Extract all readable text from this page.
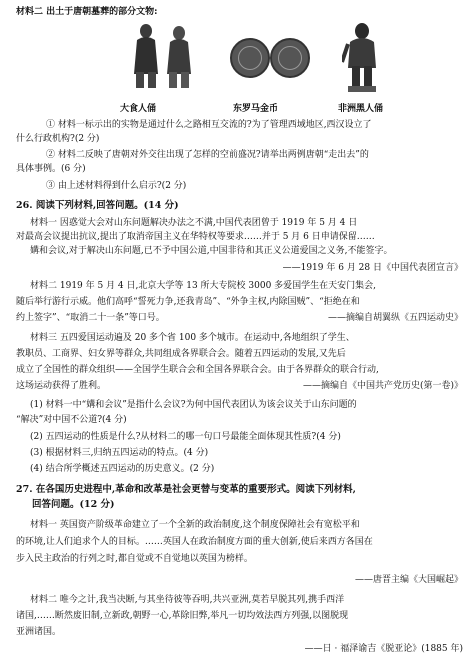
材料二 出土于唐朝墓葬的部分文物:
大食人俑	东罗马金币	非洲黑人俑
① 材料一标示出的实物是通过什么之路相互交流的?为了管理西域地区,西汉设立了
什么行政机构?(2 分)
② 材料二反映了唐朝对外交往出现了怎样的空前盛况?请举出两例唐朝“走出去”的
具体事例。(6 分)
③ 由上述材料得到什么启示?(2 分)
26. 阅读下列材料,回答问题。(14 分)
材料一 因惑觉大会对山东问题解决办法之不满,中国代表团曾于 1919 年 5 月 4 日
对最高会议提出抗议,提出了取消帝国主义在华特权等要求……并于 5 月 6 日申请保留……
媾和会议,对于解决山东问题,已不予中国公道,中国非待和其正义公道爱国之义务,不能签字。
——1919 年 6 月 28 日《中国代表团宣言》
材料二 1919 年 5 月 4 日,北京大学等 13 所大专院校 3000 多爱国学生在天安门集会,
随后举行游行示威。他们高呼“誓死力争,还我青岛”、“外争主权,内除国贼”、“拒绝在和
约上签字”、“取消二十一条”等口号。	——摘编自胡翼纵《五四运动史》
材料三 五四爱国运动遍及 20 多个省 100 多个城市。在运动中,各地组织了学生、
教职员、工商界、妇女界等群众,共同组成各界联合会。随着五四运动的发展,又先后
成立了全国性的群众组织——全国学生联合会和全国各界联合会。由于各界群众的联合行动,
这场运动获得了胜利。	——摘编自《中国共产党历史(第一卷)》
(1) 材料一中“媾和会议”是指什么会议?为何中国代表团认为该会议关于山东问题的
“解决”对中国不公道?(4 分)
(2) 五四运动的性质是什么?从材料二的哪一句口号最能全面体现其性质?(4 分)
(3) 根据材料三,归纳五四运动的特点。(4 分)
(4) 结合所学概述五四运动的历史意义。(2 分)
27. 在各国历史进程中,革命和改革是社会更替与变革的重要形式。阅读下列材料,
回答问题。(12 分)
材料一 英国资产阶级革命建立了一个全新的政治制度,这个制度保障社会有宽松平和
的环境,让人们追求个人的目标。……英国人在政治制度方面的重大创新,使后来西方各国在
步入民主政治的行列之时,都自觉或不自觉地以英国为榜样。
——唐晋主编《大国崛起》
材料二 唯今之计,我当决断,与其坐待彼等吞明,共兴亚洲,莫若早脱其列,携手西洋
诸国,……断然废旧制,立新政,朝野一心,革除旧弊,举凡一切均效法西方列强,以图脱现
亚洲诸国。
——日 · 福泽谕吉《脱亚论》(1885 年)
